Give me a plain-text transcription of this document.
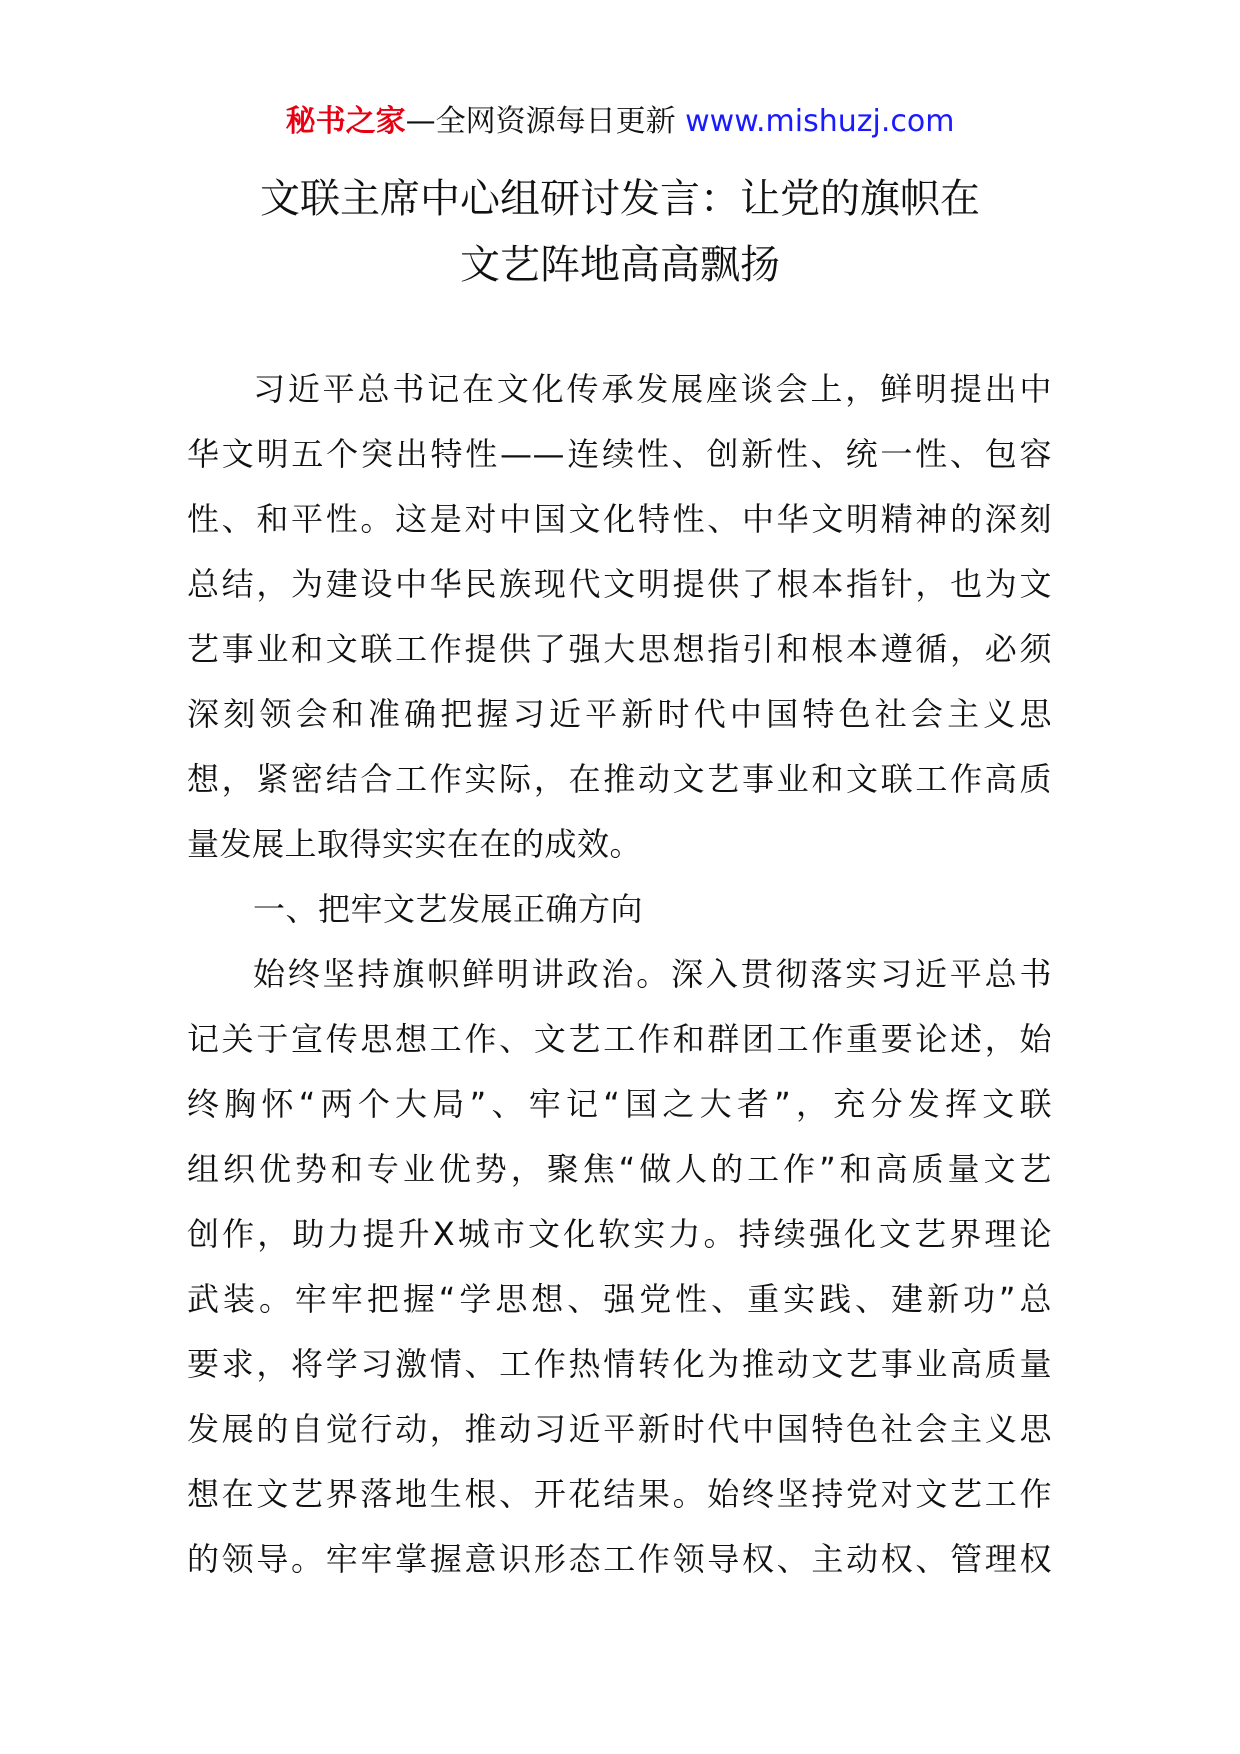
秘书之家—全网资源每日更新 www.mishuzj.com
文联主席中心组研讨发言：让党的旗帜在
文艺阵地高高飘扬
习近平总书记在文化传承发展座谈会上，鲜明提出中
华文明五个突出特性——连续性、创新性、统一性、包容
性、和平性。这是对中国文化特性、中华文明精神的深刻
总结，为建设中华民族现代文明提供了根本指针，也为文
艺事业和文联工作提供了强大思想指引和根本遵循，必须
深刻领会和准确把握习近平新时代中国特色社会主义思
想，紧密结合工作实际，在推动文艺事业和文联工作高质
量发展上取得实实在在的成效。
一、把牢文艺发展正确方向
始终坚持旗帜鲜明讲政治。深入贯彻落实习近平总书
记关于宣传思想工作、文艺工作和群团工作重要论述，始
终胸怀“两个大局”、牢记“国之大者”，充分发挥文联
组织优势和专业优势，聚焦“做人的工作”和高质量文艺
创作，助力提升X城市文化软实力。持续强化文艺界理论
武装。牢牢把握“学思想、强党性、重实践、建新功”总
要求，将学习激情、工作热情转化为推动文艺事业高质量
发展的自觉行动，推动习近平新时代中国特色社会主义思
想在文艺界落地生根、开花结果。始终坚持党对文艺工作
的领导。牢牢掌握意识形态工作领导权、主动权、管理权
